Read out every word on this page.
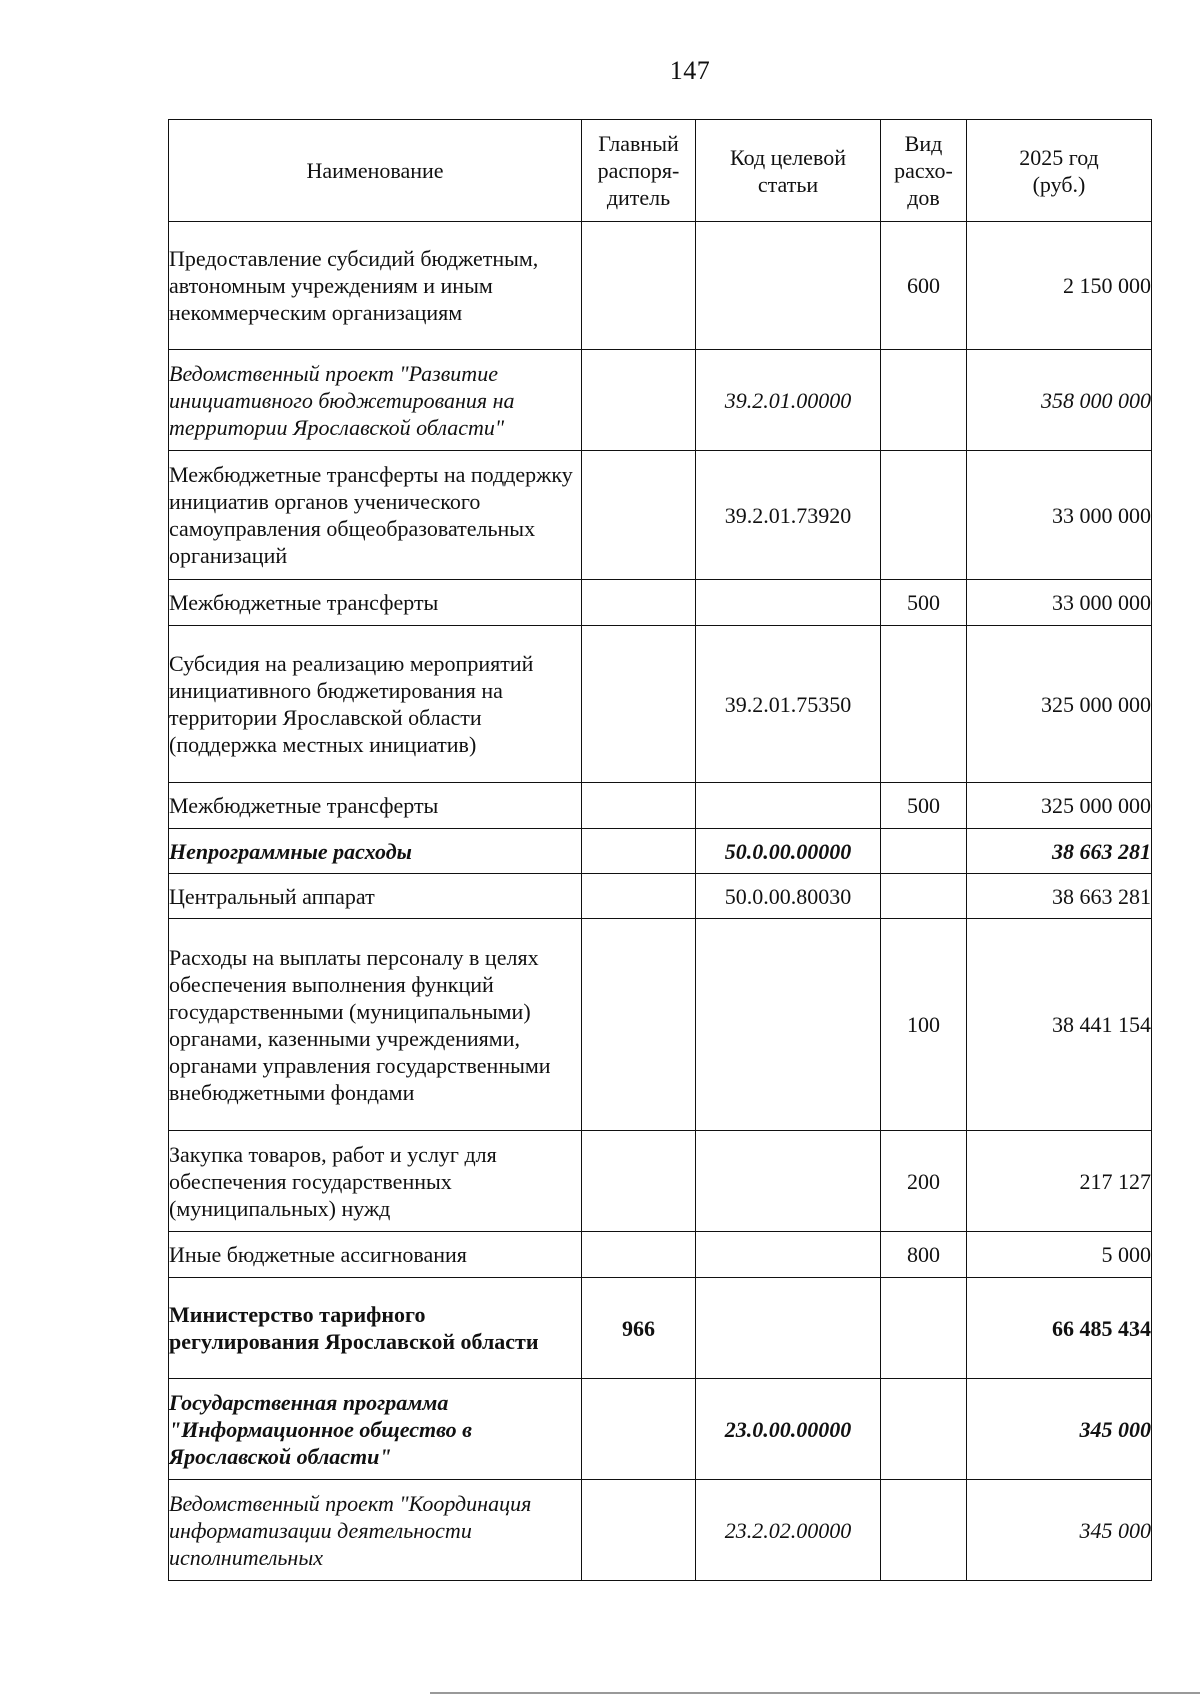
147
Наименование	Главный распоря-дитель	Код целевой статьи	Вид расхо-дов	2025 год (руб.)
Предоставление субсидий бюджетным, автономным учреждениям и иным некоммерческим организациям			600	2 150 000
Ведомственный проект "Развитие инициативного бюджетирования на территории Ярославской области"		39.2.01.00000		358 000 000
Межбюджетные трансферты на поддержку инициатив органов ученического самоуправления общеобразовательных организаций		39.2.01.73920		33 000 000
Межбюджетные трансферты			500	33 000 000
Субсидия на реализацию мероприятий инициативного бюджетирования на территории Ярославской области (поддержка местных инициатив)		39.2.01.75350		325 000 000
Межбюджетные трансферты			500	325 000 000
Непрограммные расходы		50.0.00.00000		38 663 281
Центральный аппарат		50.0.00.80030		38 663 281
Расходы на выплаты персоналу в целях обеспечения выполнения функций государственными (муниципальными) органами, казенными учреждениями, органами управления государственными внебюджетными фондами			100	38 441 154
Закупка товаров, работ и услуг для обеспечения государственных (муниципальных) нужд			200	217 127
Иные бюджетные ассигнования			800	5 000
Министерство тарифного регулирования Ярославской области	966			66 485 434
Государственная программа "Информационное общество в Ярославской области"		23.0.00.00000		345 000
Ведомственный проект "Координация информатизации деятельности исполнительных		23.2.02.00000		345 000
